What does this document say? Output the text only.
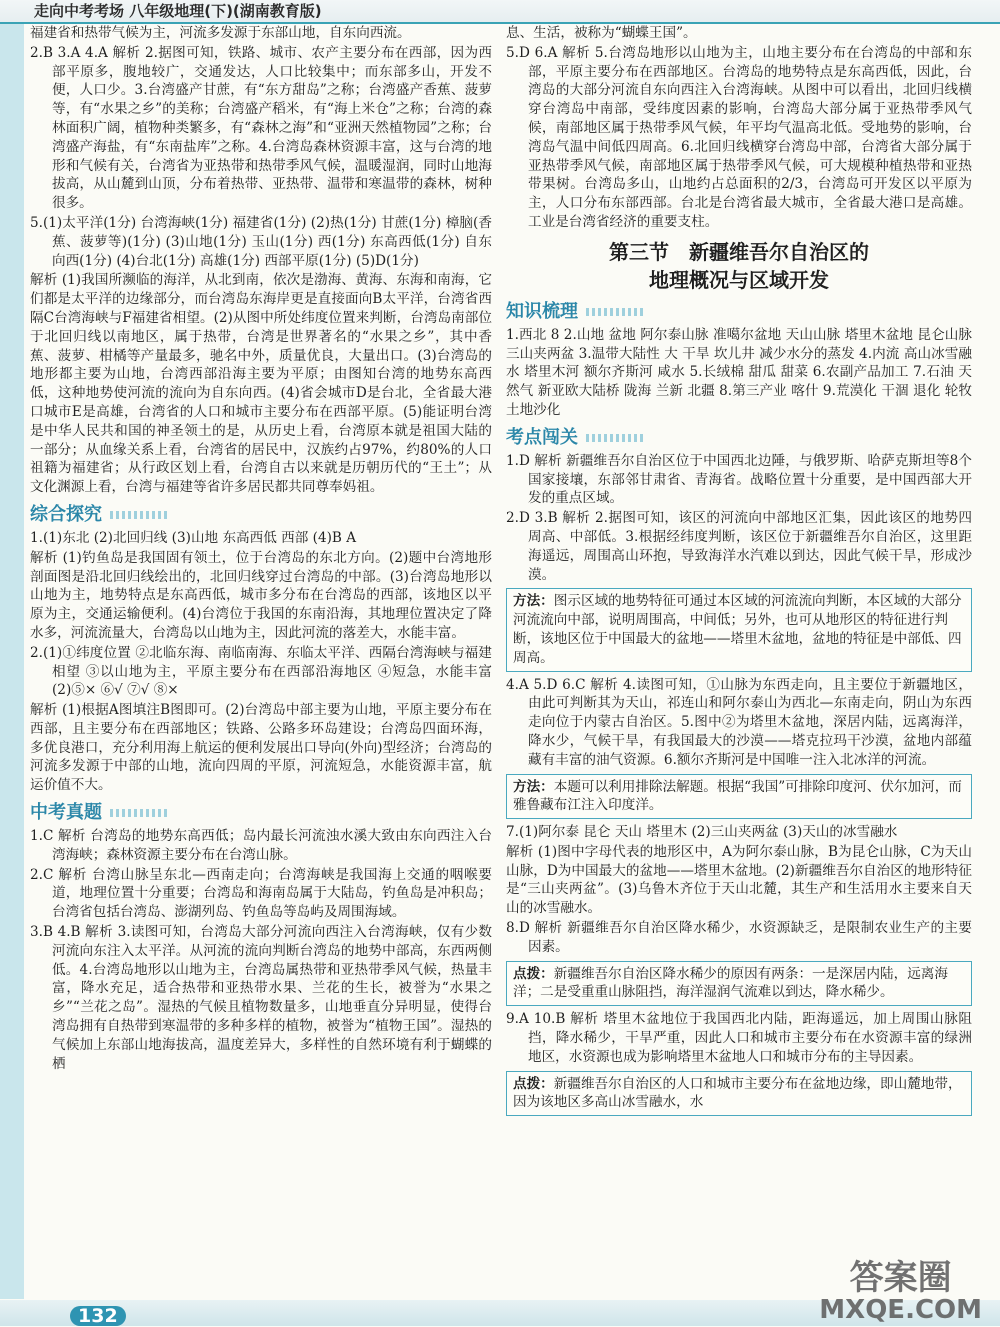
走向中考考场 八年级地理(下)(湖南教育版)

福建省和热带气候为主，河流多发源于东部山地，自东向西流。

2.B 3.A 4.A 解析 2.据图可知，铁路、城市、农产主要分布在西部，因为西部平原多，腹地较广，交通发达，人口比较集中；而东部多山，开发不便，人口少。3.台湾盛产甘蔗，有“东方甜岛”之称；台湾盛产香蕉、菠萝等，有“水果之乡”的美称；台湾盛产稻米，有“海上米仓”之称；台湾的森林面积广阔，植物种类繁多，有“森林之海”和“亚洲天然植物园”之称；台湾盛产海盐，有“东南盐库”之称。4.台湾岛森林资源丰富，这与台湾的地形和气候有关，台湾省为亚热带和热带季风气候，温暖湿润，同时山地海拔高，从山麓到山顶，分布着热带、亚热带、温带和寒温带的森林，树种很多。

5.(1)太平洋(1分) 台湾海峡(1分) 福建省(1分) (2)热(1分) 甘蔗(1分) 樟脑(香蕉、菠萝等)(1分) (3)山地(1分) 玉山(1分) 西(1分) 东高西低(1分) 自东向西(1分) (4)台北(1分) 高雄(1分) 西部平原(1分) (5)D(1分)

解析 (1)我国所濒临的海洋，从北到南，依次是渤海、黄海、东海和南海，它们都是太平洋的边缘部分，而台湾岛东海岸更是直接面向B太平洋，台湾省西隔C台湾海峡与F福建省相望。(2)从图中所处纬度位置来判断，台湾岛南部位于北回归线以南地区，属于热带，台湾是世界著名的“水果之乡”，其中香蕉、菠萝、柑橘等产量最多，驰名中外，质量优良，大量出口。(3)台湾岛的地形都主要为山地，台湾西部沿海主要为平原；由图知台湾的地势东高西低，这种地势使河流的流向为自东向西。(4)省会城市D是台北，全省最大港口城市E是高雄，台湾省的人口和城市主要分布在西部平原。(5)能证明台湾是中华人民共和国的神圣领土的是，从历史上看，台湾原本就是祖国大陆的一部分；从血缘关系上看，台湾省的居民中，汉族约占97%，约80%的人口祖籍为福建省；从行政区划上看，台湾自古以来就是历朝历代的“王土”；从文化渊源上看，台湾与福建等省许多居民都共同尊奉妈祖。

综合探究

1.(1)东北 (2)北回归线 (3)山地 东高西低 西部 (4)B A

解析 (1)钓鱼岛是我国固有领土，位于台湾岛的东北方向。(2)题中台湾地形剖面图是沿北回归线绘出的，北回归线穿过台湾岛的中部。(3)台湾岛地形以山地为主，地势特点是东高西低，城市多分布在台湾岛的西部，该地区以平原为主，交通运输便利。(4)台湾位于我国的东南沿海，其地理位置决定了降水多，河流流量大，台湾岛以山地为主，因此河流的落差大，水能丰富。

2.(1)①纬度位置 ②北临东海、南临南海、东临太平洋、西隔台湾海峡与福建相望 ③以山地为主，平原主要分布在西部沿海地区 ④短急，水能丰富 (2)⑤× ⑥√ ⑦√ ⑧×

解析 (1)根据A图填注B图即可。(2)台湾岛中部主要为山地，平原主要分布在西部，且主要分布在西部地区；铁路、公路多环岛建设；台湾岛四面环海，多优良港口，充分利用海上航运的便利发展出口导向(外向)型经济；台湾岛的河流多发源于中部的山地，流向四周的平原，河流短急，水能资源丰富，航运价值不大。

中考真题

1.C 解析 台湾岛的地势东高西低；岛内最长河流浊水溪大致由东向西注入台湾海峡；森林资源主要分布在台湾山脉。

2.C 解析 台湾山脉呈东北—西南走向；台湾海峡是我国海上交通的咽喉要道，地理位置十分重要；台湾岛和海南岛属于大陆岛，钓鱼岛是冲积岛；台湾省包括台湾岛、澎湖列岛、钓鱼岛等岛屿及周围海域。

3.B 4.B 解析 3.读图可知，台湾岛大部分河流向西注入台湾海峡，仅有少数河流向东注入太平洋。从河流的流向判断台湾岛的地势中部高，东西两侧低。4.台湾岛地形以山地为主，台湾岛属热带和亚热带季风气候，热量丰富，降水充足，适合热带和亚热带水果、兰花的生长，被誉为“水果之乡”“兰花之岛”。湿热的气候且植物数量多，山地垂直分异明显，使得台湾岛拥有自热带到寒温带的多种多样的植物，被誉为“植物王国”。湿热的气候加上东部山地海拔高，温度差异大，多样性的自然环境有利于蝴蝶的栖

息、生活，被称为“蝴蝶王国”。

5.D 6.A 解析 5.台湾岛地形以山地为主，山地主要分布在台湾岛的中部和东部，平原主要分布在西部地区。台湾岛的地势特点是东高西低，因此，台湾岛的大部分河流自东向西注入台湾海峡。从图中可以看出，北回归线横穿台湾岛中南部，受纬度因素的影响，台湾岛大部分属于亚热带季风气候，南部地区属于热带季风气候，年平均气温高北低。受地势的影响，台湾岛气温中间低四周高。6.北回归线横穿台湾岛中部，台湾省大部分属于亚热带季风气候，南部地区属于热带季风气候，可大规模种植热带和亚热带果树。台湾岛多山，山地约占总面积的2/3，台湾岛可开发区以平原为主，人口分布东部西部。台北是台湾省最大城市，全省最大港口是高雄。工业是台湾省经济的重要支柱。

第三节　新疆维吾尔自治区的
地理概况与区域开发
知识梳理

1.西北 8 2.山地 盆地 阿尔泰山脉 准噶尔盆地 天山山脉 塔里木盆地 昆仑山脉 三山夹两盆 3.温带大陆性 大 干旱 坎儿井 减少水分的蒸发 4.内流 高山冰雪融水 塔里木河 额尔齐斯河 咸水 5.长绒棉 甜瓜 甜菜 6.农副产品加工 7.石油 天然气 新亚欧大陆桥 陇海 兰新 北疆 8.第三产业 喀什 9.荒漠化 干涸 退化 轮牧 土地沙化

考点闯关

1.D 解析 新疆维吾尔自治区位于中国西北边陲，与俄罗斯、哈萨克斯坦等8个国家接壤，东部邻甘肃省、青海省。战略位置十分重要，是中国西部大开发的重点区域。

2.D 3.B 解析 2.据图可知，该区的河流向中部地区汇集，因此该区的地势四周高、中部低。3.根据经纬度判断，该区位于新疆维吾尔自治区，这里距海遥远，周围高山环抱，导致海洋水汽难以到达，因此气候干旱，形成沙漠。

方法：图示区域的地势特征可通过本区域的河流流向判断，本区域的大部分河流流向中部，说明周围高，中间低；另外，也可从地形区的特征进行判断，该地区位于中国最大的盆地——塔里木盆地，盆地的特征是中部低、四周高。

4.A 5.D 6.C 解析 4.读图可知，①山脉为东西走向，且主要位于新疆地区，由此可判断其为天山，祁连山和阿尔泰山为西北—东南走向，阴山为东西走向位于内蒙古自治区。5.图中②为塔里木盆地，深居内陆，远离海洋，降水少，气候干旱，有我国最大的沙漠——塔克拉玛干沙漠，盆地内部蕴藏有丰富的油气资源。6.额尔齐斯河是中国唯一注入北冰洋的河流。

方法：本题可以利用排除法解题。根据“我国”可排除印度河、伏尔加河，而雅鲁藏布江注入印度洋。

7.(1)阿尔泰 昆仑 天山 塔里木 (2)三山夹两盆 (3)天山的冰雪融水

解析 (1)图中字母代表的地形区中，A为阿尔泰山脉，B为昆仑山脉，C为天山山脉，D为中国最大的盆地——塔里木盆地。(2)新疆维吾尔自治区的地形特征是“三山夹两盆”。(3)乌鲁木齐位于天山北麓，其生产和生活用水主要来自天山的冰雪融水。

8.D 解析 新疆维吾尔自治区降水稀少，水资源缺乏，是限制农业生产的主要因素。

点拨：新疆维吾尔自治区降水稀少的原因有两条：一是深居内陆，远离海洋；二是受重重山脉阻挡，海洋湿润气流难以到达，降水稀少。

9.A 10.B 解析 塔里木盆地位于我国西北内陆，距海遥远，加上周围山脉阻挡，降水稀少，干旱严重，因此人口和城市主要分布在水资源丰富的绿洲地区，水资源也成为影响塔里木盆地人口和城市分布的主导因素。

点拨：新疆维吾尔自治区的人口和城市主要分布在盆地边缘，即山麓地带，因为该地区多高山冰雪融水，水
132
答案圈
MXQE.COM
